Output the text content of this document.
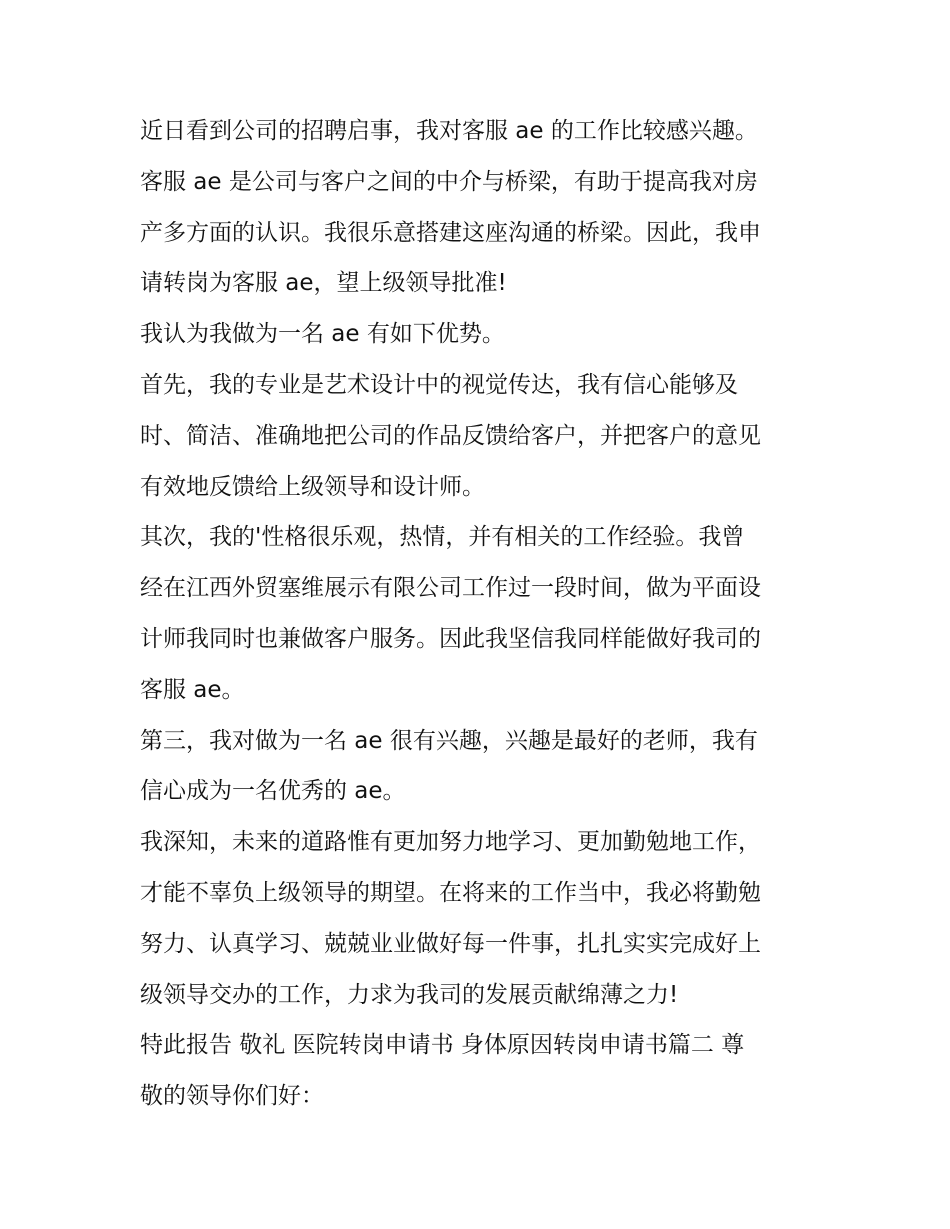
近日看到公司的招聘启事，我对客服 ae 的工作比较感兴趣。
客服 ae 是公司与客户之间的中介与桥梁，有助于提高我对房
产多方面的认识。我很乐意搭建这座沟通的桥梁。因此，我申
请转岗为客服 ae，望上级领导批准!
我认为我做为一名 ae 有如下优势。
首先，我的专业是艺术设计中的视觉传达，我有信心能够及
时、简洁、准确地把公司的作品反馈给客户，并把客户的意见
有效地反馈给上级领导和设计师。
其次，我的'性格很乐观，热情，并有相关的工作经验。我曾
经在江西外贸塞维展示有限公司工作过一段时间，做为平面设
计师我同时也兼做客户服务。因此我坚信我同样能做好我司的
客服 ae。
第三，我对做为一名 ae 很有兴趣，兴趣是最好的老师，我有
信心成为一名优秀的 ae。
我深知，未来的道路惟有更加努力地学习、更加勤勉地工作，
才能不辜负上级领导的期望。在将来的工作当中，我必将勤勉
努力、认真学习、兢兢业业做好每一件事，扎扎实实完成好上
级领导交办的工作，力求为我司的发展贡献绵薄之力!
特此报告 敬礼 医院转岗申请书 身体原因转岗申请书篇二 尊
敬的领导你们好：
